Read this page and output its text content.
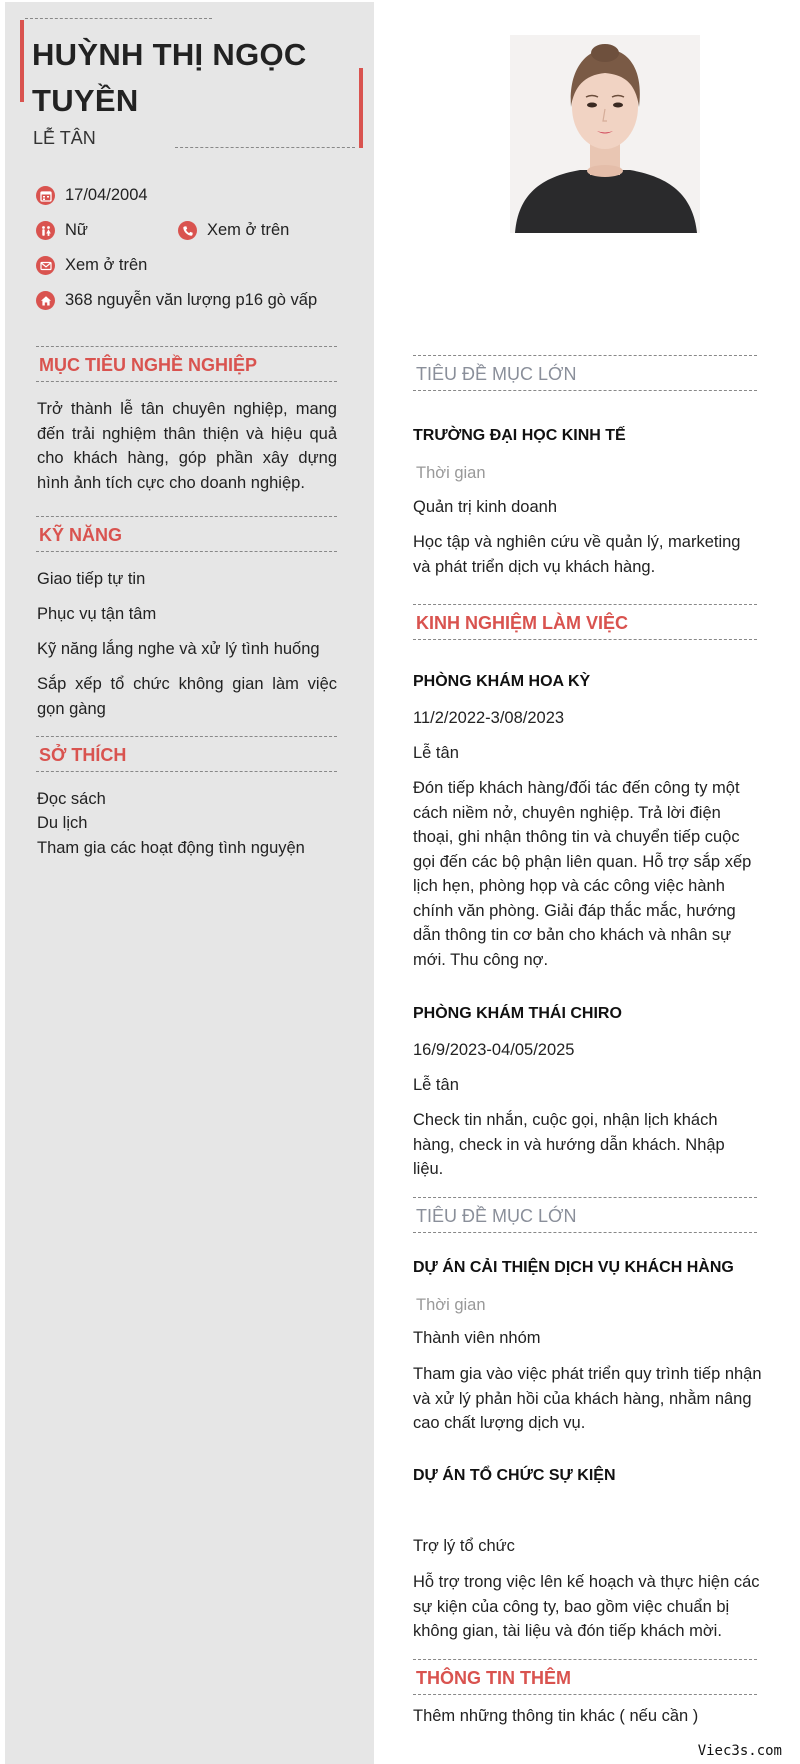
HUỲNH THỊ NGỌC TUYỀN
LỄ TÂN
17/04/2004
Nữ	Xem ở trên
Xem ở trên
368 nguyễn văn lượng p16 gò vấp
MỤC TIÊU NGHỀ NGHIỆP
Trở thành lễ tân chuyên nghiệp, mang đến trải nghiệm thân thiện và hiệu quả cho khách hàng, góp phần xây dựng hình ảnh tích cực cho doanh nghiệp.
KỸ NĂNG
Giao tiếp tự tin
Phục vụ tận tâm
Kỹ năng lắng nghe và xử lý tình huống
Sắp xếp tổ chức không gian làm việc gọn gàng
SỞ THÍCH
Đọc sách
Du lịch
Tham gia các hoạt động tình nguyện
TIÊU ĐỀ MỤC LỚN
TRƯỜNG ĐẠI HỌC KINH TẾ
Thời gian
Quản trị kinh doanh
Học tập và nghiên cứu về quản lý, marketing và phát triển dịch vụ khách hàng.
KINH NGHIỆM LÀM VIỆC
PHÒNG KHÁM HOA KỲ
11/2/2022-3/08/2023
Lễ tân
Đón tiếp khách hàng/đối tác đến công ty một cách niềm nở, chuyên nghiệp. Trả lời điện thoại, ghi nhận thông tin và chuyển tiếp cuộc gọi đến các bộ phận liên quan. Hỗ trợ sắp xếp lịch hẹn, phòng họp và các công việc hành chính văn phòng. Giải đáp thắc mắc, hướng dẫn thông tin cơ bản cho khách và nhân sự mới. Thu công nợ.
PHÒNG KHÁM THÁI CHIRO
16/9/2023-04/05/2025
Lễ tân
Check tin nhắn, cuộc gọi, nhận lịch khách hàng, check in và hướng dẫn khách. Nhập liệu.
TIÊU ĐỀ MỤC LỚN
DỰ ÁN CẢI THIỆN DỊCH VỤ KHÁCH HÀNG
Thời gian
Thành viên nhóm
Tham gia vào việc phát triển quy trình tiếp nhận và xử lý phản hồi của khách hàng, nhằm nâng cao chất lượng dịch vụ.
DỰ ÁN TỔ CHỨC SỰ KIỆN
Trợ lý tổ chức
Hỗ trợ trong việc lên kế hoạch và thực hiện các sự kiện của công ty, bao gồm việc chuẩn bị không gian, tài liệu và đón tiếp khách mời.
THÔNG TIN THÊM
Thêm những thông tin khác ( nếu cần )
Viec3s.com
